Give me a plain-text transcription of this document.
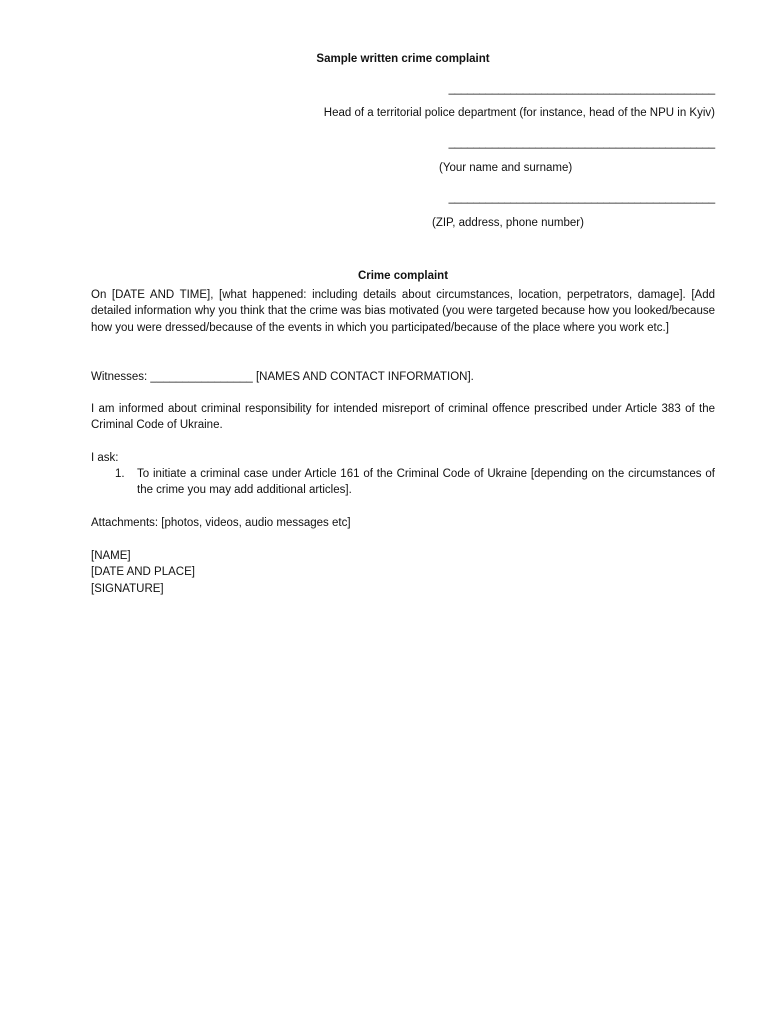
Sample written crime complaint

___________________________________________

Head of a territorial police department (for instance, head of the NPU in Kyiv)

___________________________________________

(Your name and surname)

___________________________________________

(ZIP, address, phone number)

Crime complaint

On [DATE AND TIME], [what happened: including details about circumstances, location, perpetrators, damage]. [Add detailed information why you think that the crime was bias motivated (you were targeted because how you looked/because how you were dressed/because of the events in which you participated/because of the place where you work etc.]

Witnesses: ________________ [NAMES AND CONTACT INFORMATION].

I am informed about criminal responsibility for intended misreport of criminal offence prescribed under Article 383 of the Criminal Code of Ukraine.

I ask:

1. To initiate a criminal case under Article 161 of the Criminal Code of Ukraine [depending on the circumstances of the crime you may add additional articles].

Attachments: [photos, videos, audio messages etc]

[NAME]
[DATE AND PLACE]
[SIGNATURE]
